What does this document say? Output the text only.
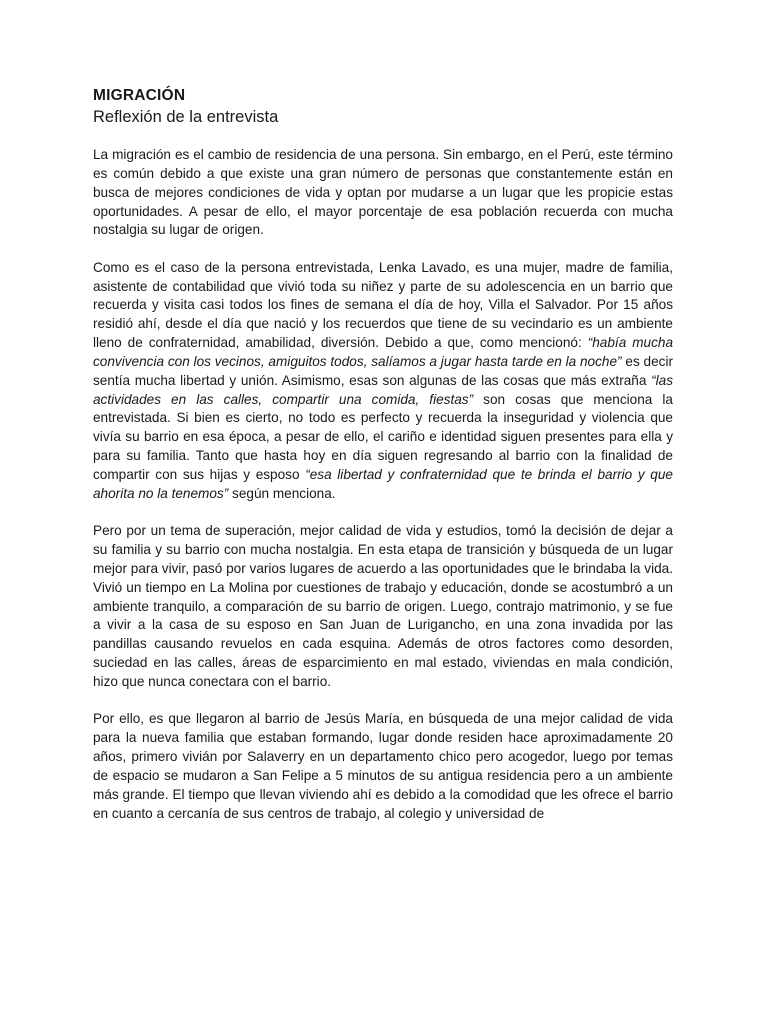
MIGRACIÓN
Reflexión de la entrevista

La migración es el cambio de residencia de una persona. Sin embargo, en el Perú, este término es común debido a que existe una gran número de personas que constantemente están en busca de mejores condiciones de vida y optan por mudarse a un lugar que les propicie estas oportunidades. A pesar de ello, el mayor porcentaje de esa población recuerda con mucha nostalgia su lugar de origen.

Como es el caso de la persona entrevistada, Lenka Lavado, es una mujer, madre de familia, asistente de contabilidad que vivió toda su niñez y parte de su adolescencia en un barrio que recuerda y visita casi todos los fines de semana el día de hoy, Villa el Salvador. Por 15 años residió ahí, desde el día que nació y los recuerdos que tiene de su vecindario es un ambiente lleno de confraternidad, amabilidad, diversión. Debido a que, como mencionó: “había mucha convivencia con los vecinos, amiguitos todos, salíamos a jugar hasta tarde en la noche” es decir sentía mucha libertad y unión. Asimismo, esas son algunas de las cosas que más extraña “las actividades en las calles, compartir una comida, fiestas” son cosas que menciona la entrevistada. Si bien es cierto, no todo es perfecto y recuerda la inseguridad y violencia que vivía su barrio en esa época, a pesar de ello, el cariño e identidad siguen presentes para ella y para su familia. Tanto que hasta hoy en día siguen regresando al barrio con la finalidad de compartir con sus hijas y esposo “esa libertad y confraternidad que te brinda el barrio y que ahorita no la tenemos” según menciona.

Pero por un tema de superación, mejor calidad de vida y estudios, tomó la decisión de dejar a su familia y su barrio con mucha nostalgia. En esta etapa de transición y búsqueda de un lugar mejor para vivir, pasó por varios lugares de acuerdo a las oportunidades que le brindaba la vida. Vivió un tiempo en La Molina por cuestiones de trabajo y educación, donde se acostumbró a un ambiente tranquilo, a comparación de su barrio de origen. Luego, contrajo matrimonio, y se fue a vivir a la casa de su esposo en San Juan de Lurigancho, en una zona invadida por las pandillas causando revuelos en cada esquina. Además de otros factores como desorden, suciedad en las calles, áreas de esparcimiento en mal estado, viviendas en mala condición, hizo que nunca conectara con el barrio.

Por ello, es que llegaron al barrio de Jesús María, en búsqueda de una mejor calidad de vida para la nueva familia que estaban formando, lugar donde residen hace aproximadamente 20 años, primero vivián por Salaverry en un departamento chico pero acogedor, luego por temas de espacio se mudaron a San Felipe a 5 minutos de su antigua residencia pero a un ambiente más grande. El tiempo que llevan viviendo ahí es debido a la comodidad que les ofrece el barrio en cuanto a cercanía de sus centros de trabajo, al colegio y universidad de
